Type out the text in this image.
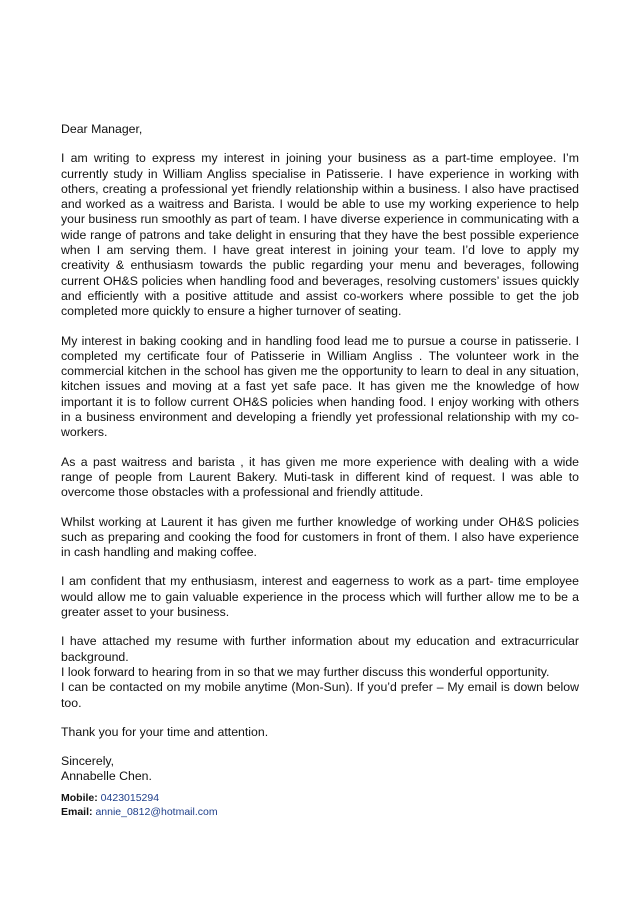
Dear Manager,

I am writing to express my interest in joining your business as a part-time employee. I’m currently study in William Angliss specialise in Patisserie. I have experience in working with others, creating a professional yet friendly relationship within a business. I also have practised and worked as a waitress and Barista. I would be able to use my working experience to help your business run smoothly as part of team. I have diverse experience in communicating with a wide range of patrons and take delight in ensuring that they have the best possible experience when I am serving them. I have great interest in joining your team. I’d love to apply my creativity & enthusiasm towards the public regarding your menu and beverages, following current OH&S policies when handling food and beverages, resolving customers’ issues quickly and efficiently with a positive attitude and assist co-workers where possible to get the job completed more quickly to ensure a higher turnover of seating.

My interest in baking cooking and in handling food lead me to pursue a course in patisserie. I completed my certificate four of Patisserie in William Angliss . The volunteer work in the commercial kitchen in the school has given me the opportunity to learn to deal in any situation, kitchen issues and moving at a fast yet safe pace. It has given me the knowledge of how important it is to follow current OH&S policies when handing food. I enjoy working with others in a business environment and developing a friendly yet professional relationship with my co-workers.

As a past waitress and barista , it has given me more experience with dealing with a wide range of people from Laurent Bakery. Muti-task in different kind of request. I was able to overcome those obstacles with a professional and friendly attitude.

Whilst working at Laurent it has given me further knowledge of working under OH&S policies such as preparing and cooking the food for customers in front of them. I also have experience in cash handling and making coffee.

I am confident that my enthusiasm, interest and eagerness to work as a part- time employee would allow me to gain valuable experience in the process which will further allow me to be a greater asset to your business.

I have attached my resume with further information about my education and extracurricular background.
I look forward to hearing from in so that we may further discuss this wonderful opportunity.
I can be contacted on my mobile anytime (Mon-Sun). If you’d prefer – My email is down below too.

Thank you for your time and attention.

Sincerely,

Annabelle Chen.

Mobile: 0423015294

Email: annie_0812@hotmail.com
